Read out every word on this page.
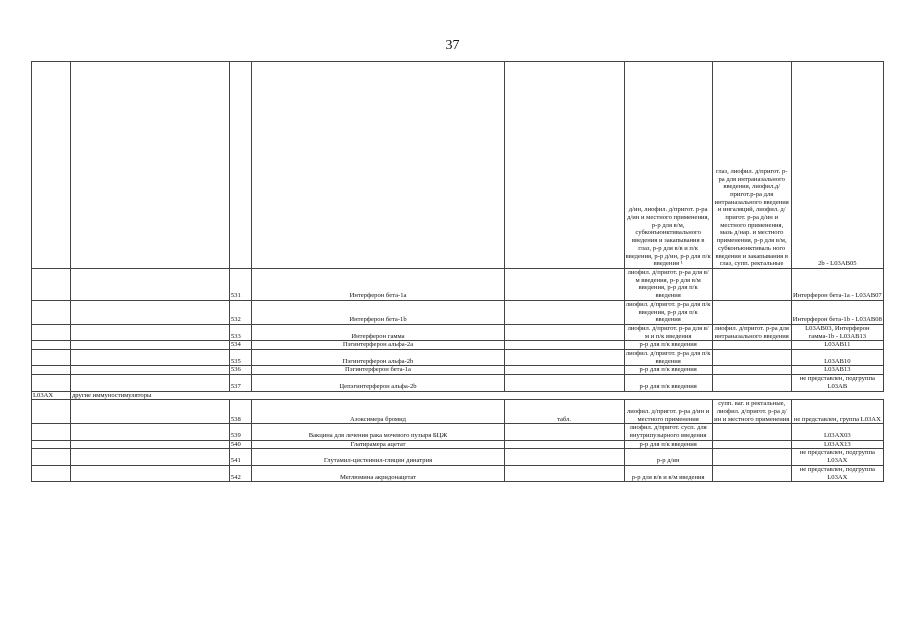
37
					д/ин, лиофил. д/пригот. р-ра д/ин и местного применения, р-р для в/м, субконъюнктивального введения и закапывания в глаз, р-р для в/в и п/к введения, р-р д/ин, р-р для п/к введения ¹	глаз, лиофил. д/пригот. р-ра для интраназального введения, лиофил.д/пригот.р-ра для интраназального введения и ингаляций, лиофил. д/пригот. р-ра д/ин и местного применения, мазь д/нар. и местного применения, р-р для в/м, субконъюнктиваль ного введения и закапывания в глаз, супп. ректальные	2b - L03AB05
		531	Интерферон бета-1а		лиофил. д/пригот. р-ра для в/м введения, р-р для в/м введения, р-р для п/к введения		Интерферон бета-1а - L03AB07
		532	Интерферон бета-1b		лиофил. д/пригот. р-ра для п/к введения, р-р для п/к введения		Интерферон бета-1b - L03AB08
		533	Интерферон гамма		лиофил. д/пригот. р-ра для в/м и п/к введения	лиофил. д/пригот. р-ра для интраназального введения	L03AB03, Интерферон гамма-1b - L03AB13
		534	Пэгинтерферон альфа-2а		р-р для п/к введения		L03AB11
		535	Пэгинтерферон альфа-2b		лиофил. д/пригот. р-ра для п/к введения		L03AB10
		536	Пэгинтерферон бета-1а		р-р для п/к введения		L03AB13
		537	Цепэгинтерферон альфа-2b		р-р для п/к введения		не представлен, подгруппа L03AB
L03AX	другие иммуностимуляторы						
		538	Азоксимера бромид	табл.	лиофил. д/пригот. р-ра д/ин и местного применения	супп. ваг. и ректальные, лиофил. д/пригот. р-ра д/ин и местного применения	не представлен, группа L03AX
		539	Вакцина для лечения рака мочевого пузыря БЦЖ		лиофил. д/пригот. сусп. для внутрипузырного введения		L03AX03
		540	Глатирамера ацетат		р-р для п/к введения		L03AX13
		541	Глутамил-цистеинил-глицин динатрия		р-р д/ин		не представлен, подгруппа L03AX
		542	Меглюмина акридонацетат		р-р для в/в и в/м введения		не представлен, подгруппа L03AX
